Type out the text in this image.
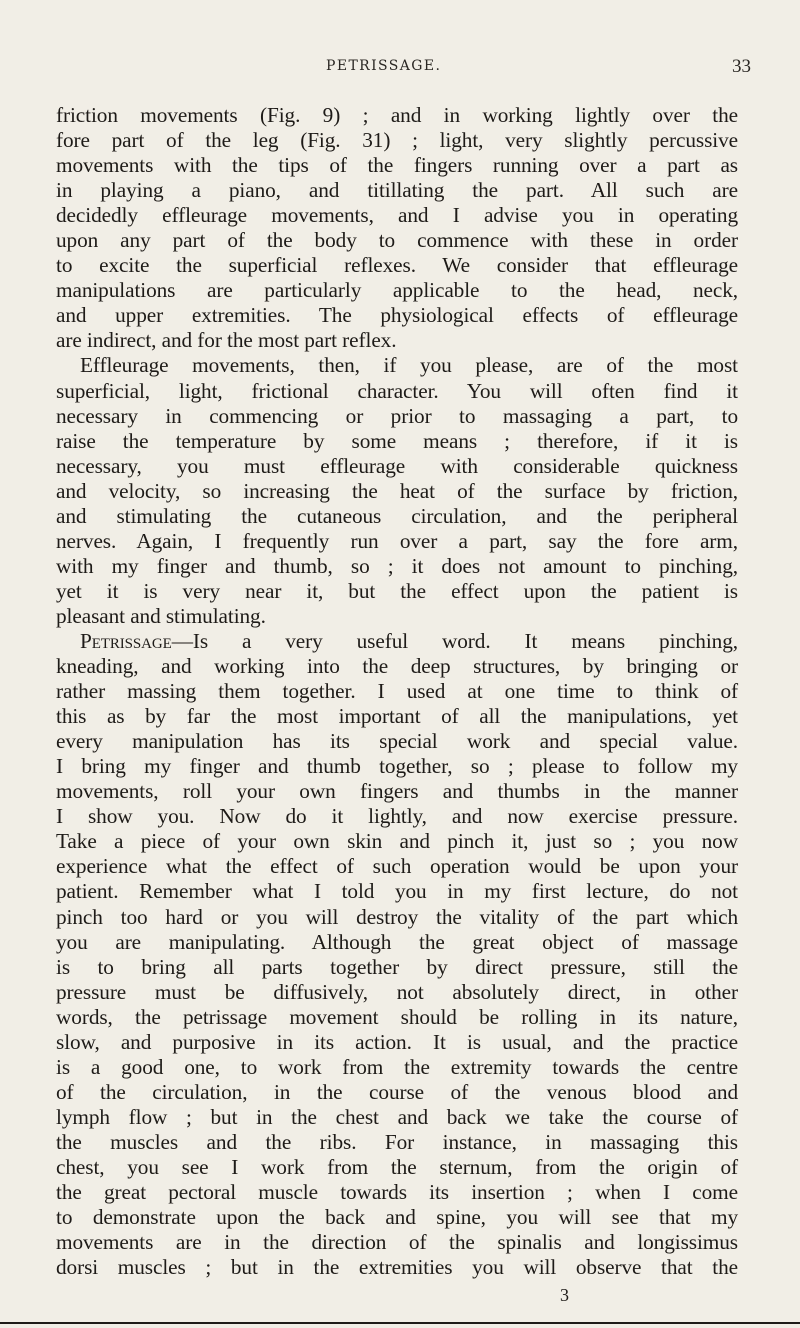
PETRISSAGE.	33
friction movements (Fig. 9) ; and in working lightly over the
fore part of the leg (Fig. 31) ; light, very slightly percussive
movements with the tips of the fingers running over a part as
in playing a piano, and titillating the part. All such are
decidedly effleurage movements, and I advise you in operating
upon any part of the body to commence with these in order
to excite the superficial reflexes. We consider that effleurage
manipulations are particularly applicable to the head, neck,
and upper extremities. The physiological effects of effleurage
are indirect, and for the most part reflex.
Effleurage movements, then, if you please, are of the most
superficial, light, frictional character. You will often find it
necessary in commencing or prior to massaging a part, to
raise the temperature by some means ; therefore, if it is
necessary, you must effleurage with considerable quickness
and velocity, so increasing the heat of the surface by friction,
and stimulating the cutaneous circulation, and the peripheral
nerves. Again, I frequently run over a part, say the fore arm,
with my finger and thumb, so ; it does not amount to pinching,
yet it is very near it, but the effect upon the patient is
pleasant and stimulating.
Petrissage—Is a very useful word. It means pinching,
kneading, and working into the deep structures, by bringing or
rather massing them together. I used at one time to think of
this as by far the most important of all the manipulations, yet
every manipulation has its special work and special value.
I bring my finger and thumb together, so ; please to follow my
movements, roll your own fingers and thumbs in the manner
I show you. Now do it lightly, and now exercise pressure.
Take a piece of your own skin and pinch it, just so ; you now
experience what the effect of such operation would be upon your
patient. Remember what I told you in my first lecture, do not
pinch too hard or you will destroy the vitality of the part which
you are manipulating. Although the great object of massage
is to bring all parts together by direct pressure, still the
pressure must be diffusively, not absolutely direct, in other
words, the petrissage movement should be rolling in its nature,
slow, and purposive in its action. It is usual, and the practice
is a good one, to work from the extremity towards the centre
of the circulation, in the course of the venous blood and
lymph flow ; but in the chest and back we take the course of
the muscles and the ribs. For instance, in massaging this
chest, you see I work from the sternum, from the origin of
the great pectoral muscle towards its insertion ; when I come
to demonstrate upon the back and spine, you will see that my
movements are in the direction of the spinalis and longissimus
dorsi muscles ; but in the extremities you will observe that the
3
